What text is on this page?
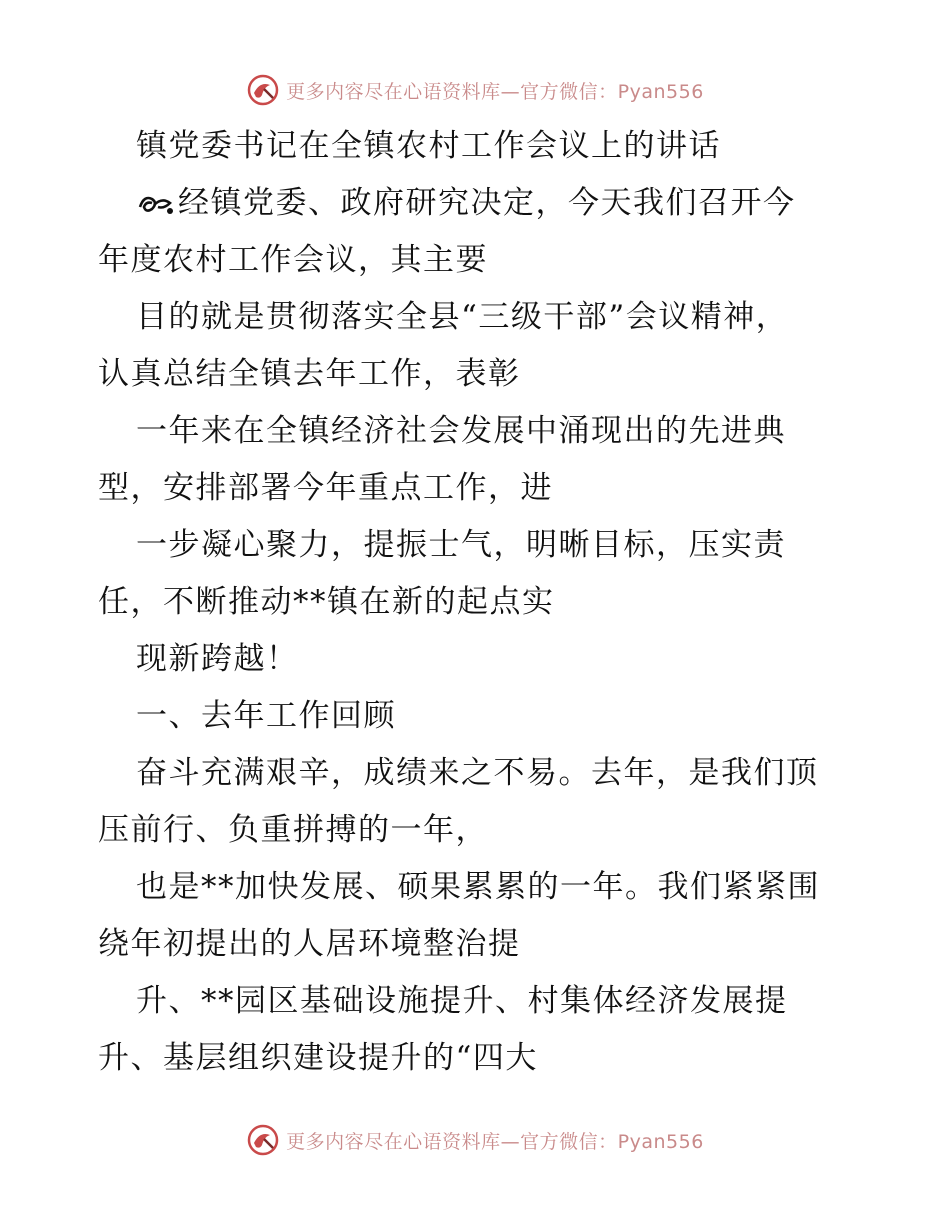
更多内容尽在心语资料库—官方微信：Pyan556
镇党委书记在全镇农村工作会议上的讲话
经镇党委、政府研究决定，今天我们召开今
年度农村工作会议，其主要
目的就是贯彻落实全县“三级干部”会议精神，
认真总结全镇去年工作，表彰
一年来在全镇经济社会发展中涌现出的先进典
型，安排部署今年重点工作，进
一步凝心聚力，提振士气，明晰目标，压实责
任，不断推动**镇在新的起点实
现新跨越！
一、去年工作回顾
奋斗充满艰辛，成绩来之不易。去年，是我们顶
压前行、负重拼搏的一年，
也是**加快发展、硕果累累的一年。我们紧紧围
绕年初提出的人居环境整治提
升、**园区基础设施提升、村集体经济发展提
升、基层组织建设提升的“四大
更多内容尽在心语资料库—官方微信：Pyan556
